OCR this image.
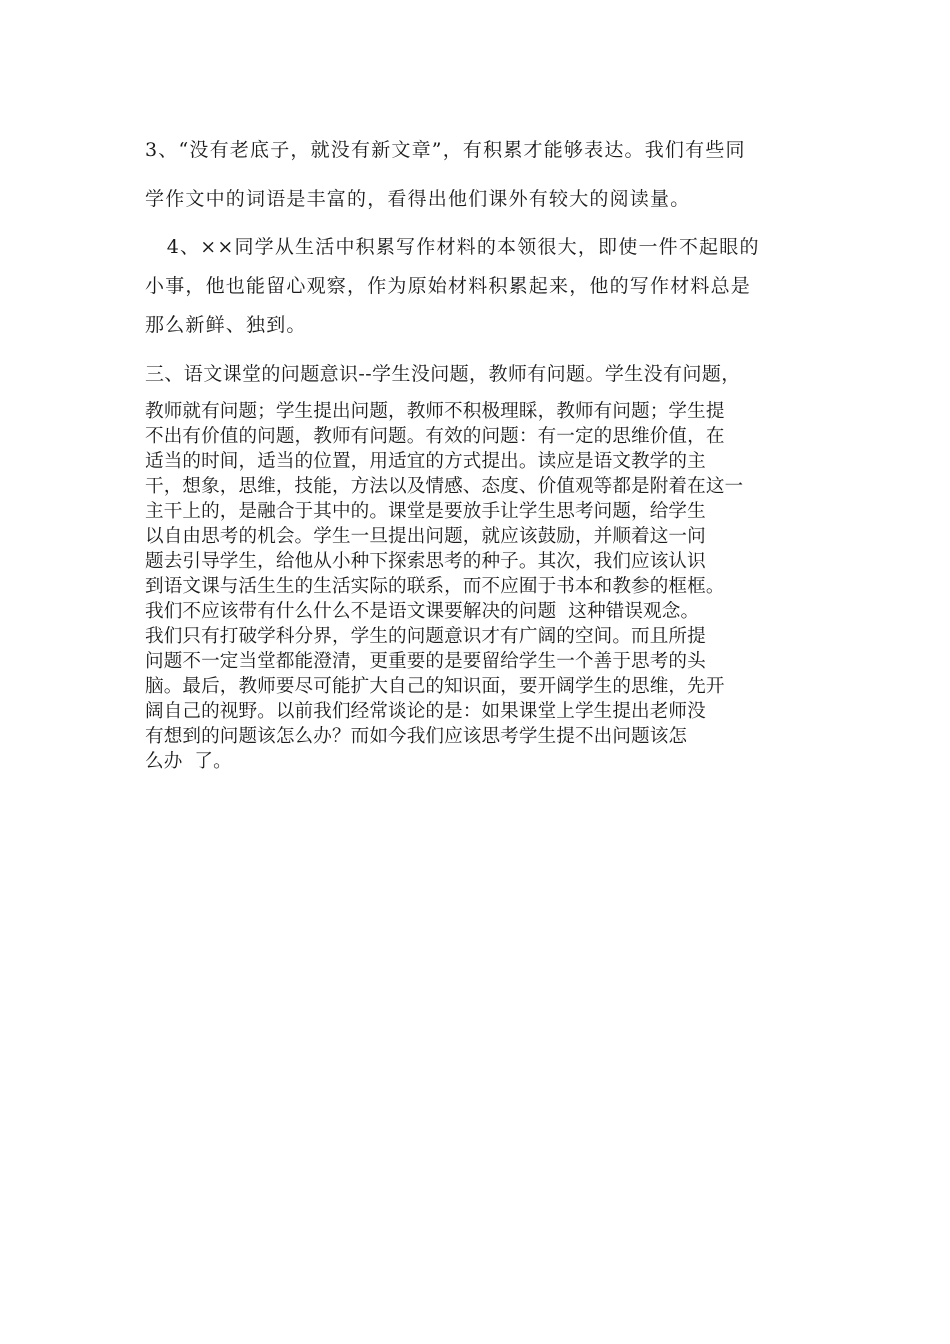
3、“没有老底子，就没有新文章”，有积累才能够表达。我们有些同
学作文中的词语是丰富的，看得出他们课外有较大的阅读量。
4、××同学从生活中积累写作材料的本领很大，即使一件不起眼的
小事，他也能留心观察，作为原始材料积累起来，他的写作材料总是
那么新鲜、独到。
三、语文课堂的问题意识--学生没问题，教师有问题。学生没有问题，
教师就有问题；学生提出问题，教师不积极理睬，教师有问题；学生提
不出有价值的问题，教师有问题。有效的问题：有一定的思维价值，在
适当的时间，适当的位置，用适宜的方式提出。读应是语文教学的主
干，想象，思维，技能，方法以及情感、态度、价值观等都是附着在这一
主干上的，是融合于其中的。课堂是要放手让学生思考问题，给学生
以自由思考的机会。学生一旦提出问题，就应该鼓励，并顺着这一问
题去引导学生，给他从小种下探索思考的种子。其次，我们应该认识
到语文课与活生生的生活实际的联系，而不应囿于书本和教参的框框。
我们不应该带有什么什么不是语文课要解决的问题  这种错误观念。
我们只有打破学科分界，学生的问题意识才有广阔的空间。而且所提
问题不一定当堂都能澄清，更重要的是要留给学生一个善于思考的头
脑。最后，教师要尽可能扩大自己的知识面，要开阔学生的思维，先开
阔自己的视野。以前我们经常谈论的是：如果课堂上学生提出老师没
有想到的问题该怎么办？而如今我们应该思考学生提不出问题该怎
么办  了。
